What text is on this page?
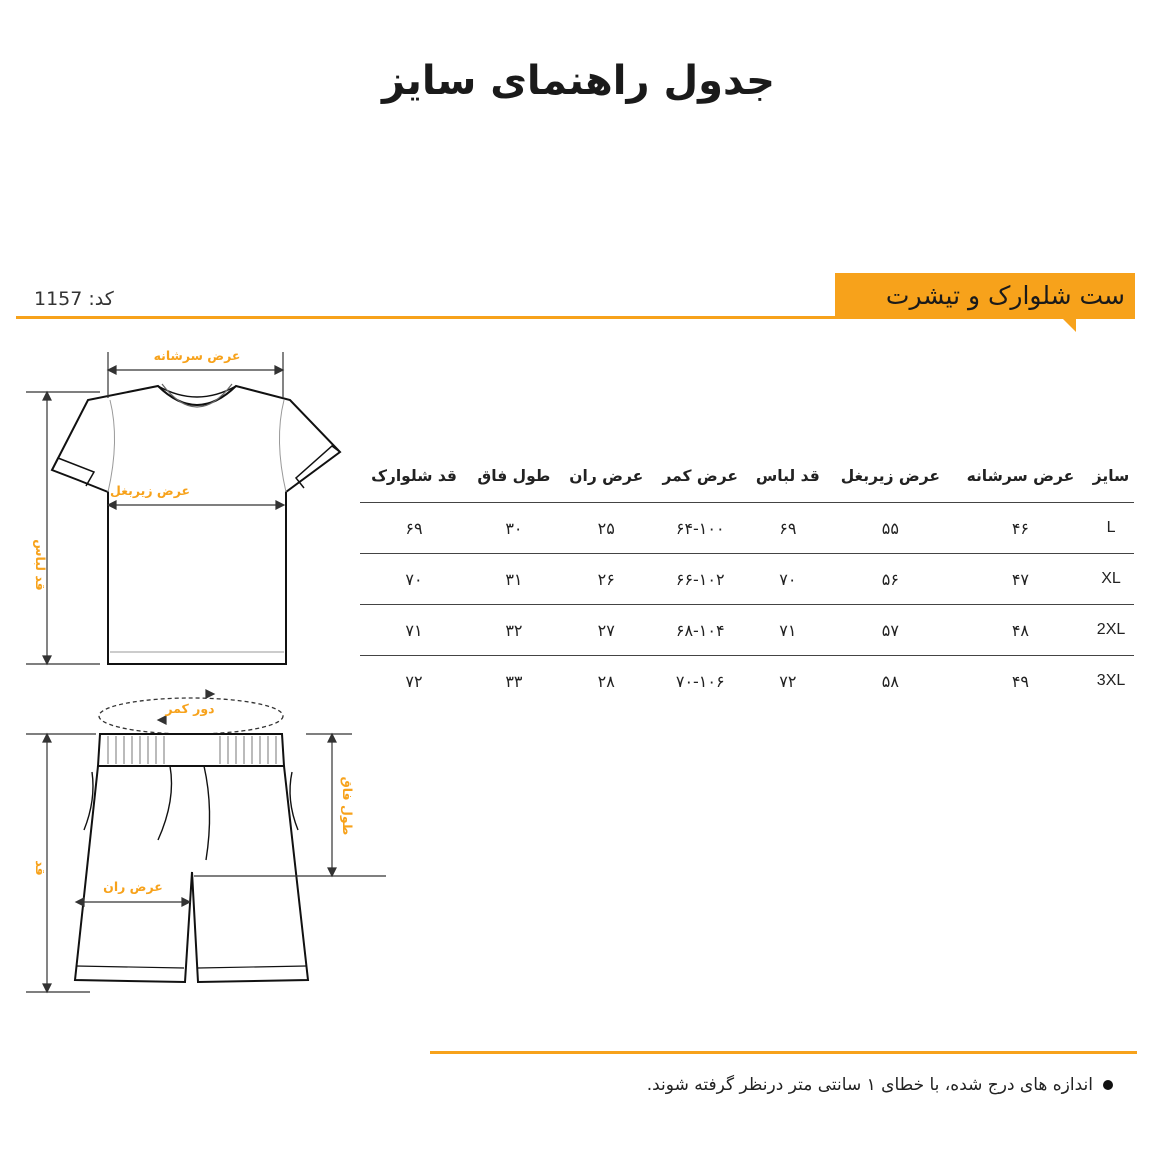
جدول راهنمای سایز
ست شلوارک و تیشرت
کد: 1157
عرض سرشانه
عرض زیربغل
قد لباس
دور کمر
عرض ران
طول فاق
قد
سایز	عرض سرشانه	عرض زیربغل	قد لباس	عرض کمر	عرض ران	طول فاق	قد شلوارک
L	۴۶	۵۵	۶۹	۶۴-۱۰۰	۲۵	۳۰	۶۹
XL	۴۷	۵۶	۷۰	۶۶-۱۰۲	۲۶	۳۱	۷۰
2XL	۴۸	۵۷	۷۱	۶۸-۱۰۴	۲۷	۳۲	۷۱
3XL	۴۹	۵۸	۷۲	۷۰-۱۰۶	۲۸	۳۳	۷۲
اندازه های درج شده، با خطای ۱ سانتی متر درنظر گرفته شوند.
